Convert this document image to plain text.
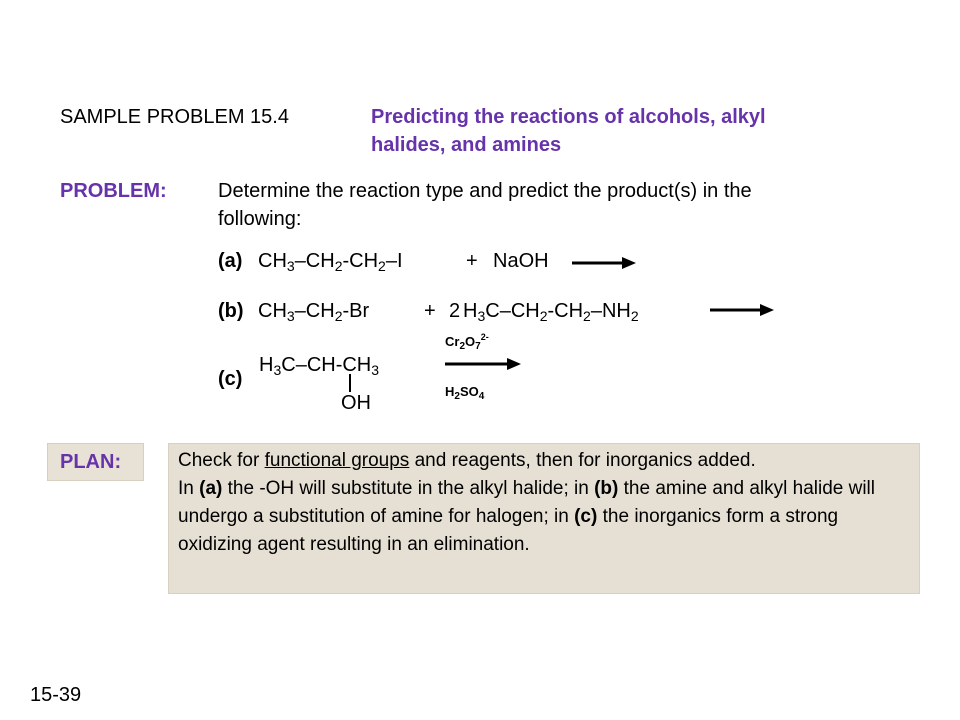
SAMPLE PROBLEM 15.4	Predicting the reactions of alcohols, alkyl
halides, and amines
PROBLEM:	Determine the reaction type and predict the product(s) in the
following:
(a) $CH_3-CH_2-CH_2-I$	+ NaOH
(b) $CH_3-CH_2-Br$	+ 2 $H_3C-CH_2-CH_2-NH_2$
(c)
$H_3C-CH-CH_3$
OH
$Cr_2O_7^{2-}$
$H_2SO_4$
PLAN:	Check for functional groups and reagents, then for inorganics added.
In (a) the -OH will substitute in the alkyl halide; in (b) the amine and alkyl halide will undergo a substitution of amine for halogen; in (c) the inorganics form a strong oxidizing agent resulting in an elimination.
15-39
